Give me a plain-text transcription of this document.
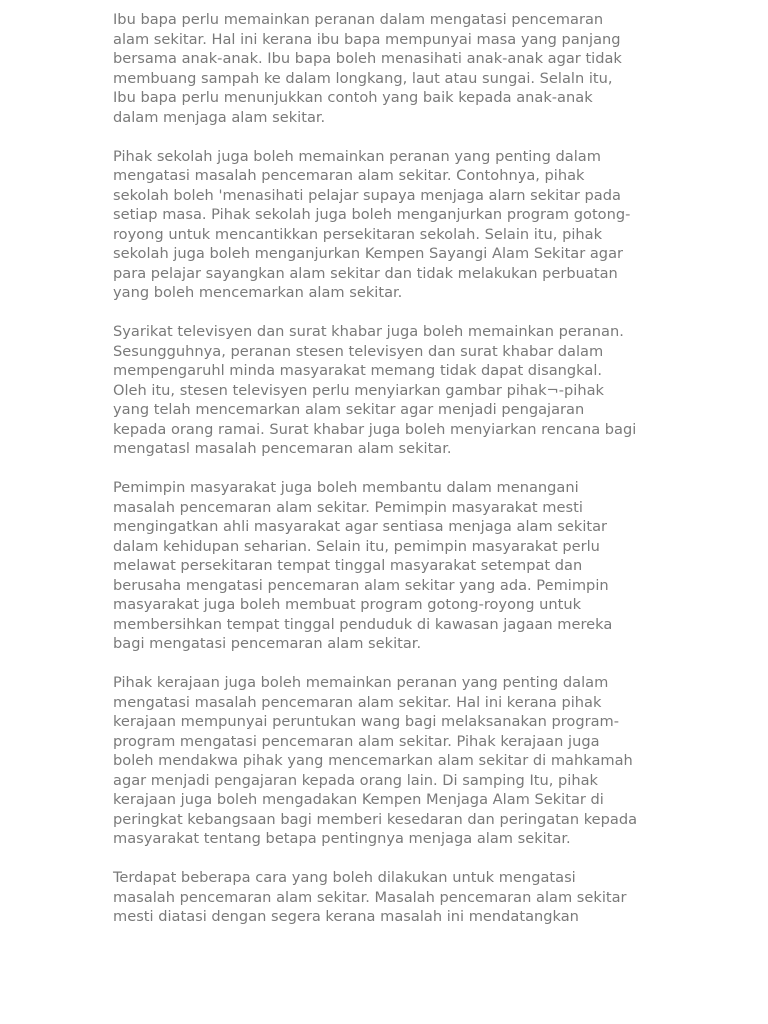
Ibu bapa perlu memainkan peranan dalam mengatasi pencemaran
alam sekitar. Hal ini kerana ibu bapa mempunyai masa yang panjang
bersama anak-anak. Ibu bapa boleh menasihati anak-anak agar tidak
membuang sampah ke dalam longkang, laut atau sungai. Selaln itu,
Ibu bapa perlu menunjukkan contoh yang baik kepada anak-anak
dalam menjaga alam sekitar.

Pihak sekolah juga boleh memainkan peranan yang penting dalam
mengatasi masalah pencemaran alam sekitar. Contohnya, pihak
sekolah boleh 'menasihati pelajar supaya menjaga alarn sekitar pada
setiap masa. Pihak sekolah juga boleh menganjurkan program gotong-
royong untuk mencantikkan persekitaran sekolah. Selain itu, pihak
sekolah juga boleh menganjurkan Kempen Sayangi Alam Sekitar agar
para pelajar sayangkan alam sekitar dan tidak melakukan perbuatan
yang boleh mencemarkan alam sekitar.

Syarikat televisyen dan surat khabar juga boleh memainkan peranan.
Sesungguhnya, peranan stesen televisyen dan surat khabar dalam
mempengaruhl minda masyarakat memang tidak dapat disangkal.
Oleh itu, stesen televisyen perlu menyiarkan gambar pihak¬-pihak
yang telah mencemarkan alam sekitar agar menjadi pengajaran
kepada orang ramai. Surat khabar juga boleh menyiarkan rencana bagi
mengatasl masalah pencemaran alam sekitar.

Pemimpin masyarakat juga boleh membantu dalam menangani
masalah pencemaran alam sekitar. Pemimpin masyarakat mesti
mengingatkan ahli masyarakat agar sentiasa menjaga alam sekitar
dalam kehidupan seharian. Selain itu, pemimpin masyarakat perlu
melawat persekitaran tempat tinggal masyarakat setempat dan
berusaha mengatasi pencemaran alam sekitar yang ada. Pemimpin
masyarakat juga boleh membuat program gotong-royong untuk
membersihkan tempat tinggal penduduk di kawasan jagaan mereka
bagi mengatasi pencemaran alam sekitar.

Pihak kerajaan juga boleh memainkan peranan yang penting dalam
mengatasi masalah pencemaran alam sekitar. Hal ini kerana pihak
kerajaan mempunyai peruntukan wang bagi melaksanakan program-
program mengatasi pencemaran alam sekitar. Pihak kerajaan juga
boleh mendakwa pihak yang mencemarkan alam sekitar di mahkamah
agar menjadi pengajaran kepada orang lain. Di samping Itu, pihak
kerajaan juga boleh mengadakan Kempen Menjaga Alam Sekitar di
peringkat kebangsaan bagi memberi kesedaran dan peringatan kepada
masyarakat tentang betapa pentingnya menjaga alam sekitar.

Terdapat beberapa cara yang boleh dilakukan untuk mengatasi
masalah pencemaran alam sekitar. Masalah pencemaran alam sekitar
mesti diatasi dengan segera kerana masalah ini mendatangkan
